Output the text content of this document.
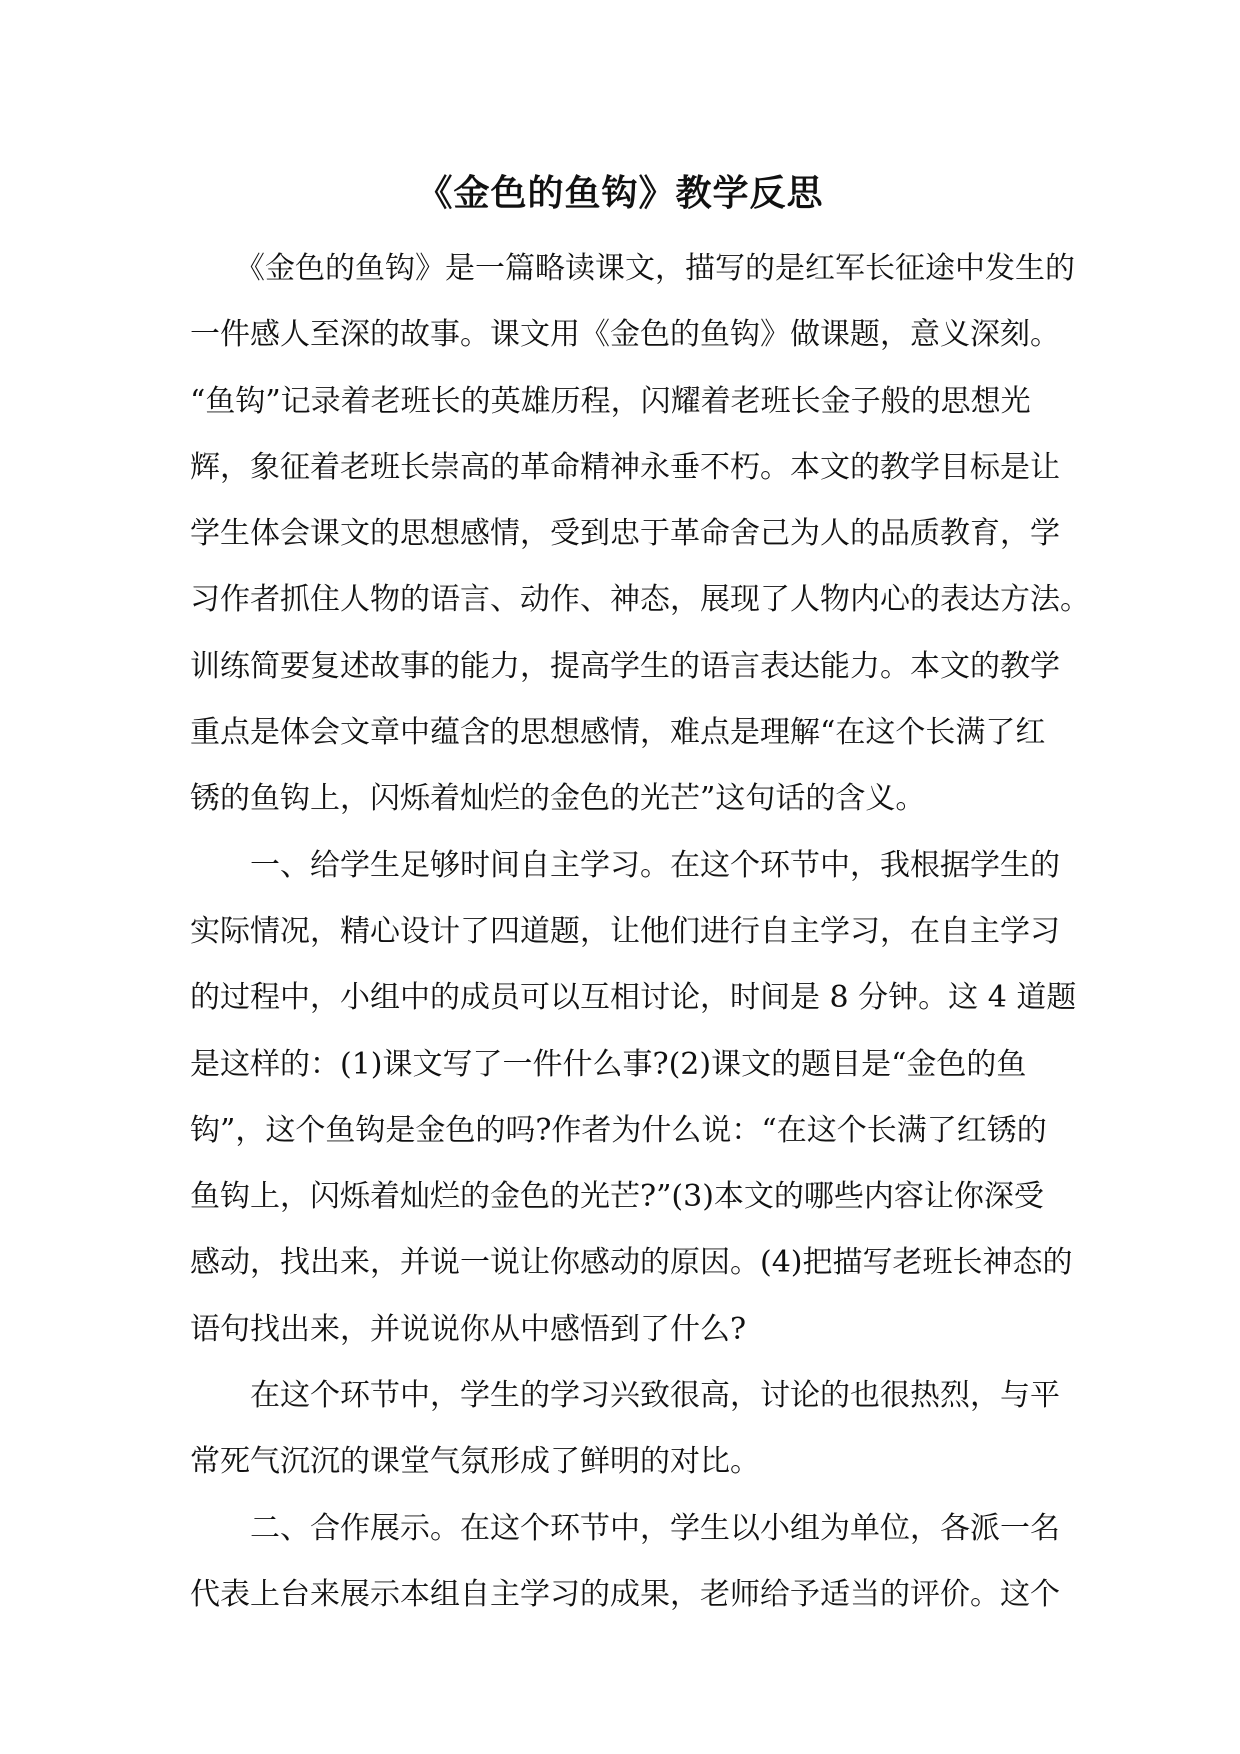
《金色的鱼钩》教学反思
　　《金色的鱼钩》是一篇略读课文，描写的是红军长征途中发生的
一件感人至深的故事。课文用《金色的鱼钩》做课题，意义深刻。
“鱼钩”记录着老班长的英雄历程，闪耀着老班长金子般的思想光
辉，象征着老班长崇高的革命精神永垂不朽。本文的教学目标是让
学生体会课文的思想感情，受到忠于革命舍己为人的品质教育，学
习作者抓住人物的语言、动作、神态，展现了人物内心的表达方法。
训练简要复述故事的能力，提高学生的语言表达能力。本文的教学
重点是体会文章中蕴含的思想感情，难点是理解“在这个长满了红
锈的鱼钩上，闪烁着灿烂的金色的光芒”这句话的含义。
　　一、给学生足够时间自主学习。在这个环节中，我根据学生的
实际情况，精心设计了四道题，让他们进行自主学习，在自主学习
的过程中，小组中的成员可以互相讨论，时间是 8 分钟。这 4 道题
是这样的：(1)课文写了一件什么事?(2)课文的题目是“金色的鱼
钩”，这个鱼钩是金色的吗?作者为什么说：“在这个长满了红锈的
鱼钩上，闪烁着灿烂的金色的光芒?”(3)本文的哪些内容让你深受
感动，找出来，并说一说让你感动的原因。(4)把描写老班长神态的
语句找出来，并说说你从中感悟到了什么?
　　在这个环节中，学生的学习兴致很高，讨论的也很热烈，与平
常死气沉沉的课堂气氛形成了鲜明的对比。
　　二、合作展示。在这个环节中，学生以小组为单位，各派一名
代表上台来展示本组自主学习的成果，老师给予适当的评价。这个
